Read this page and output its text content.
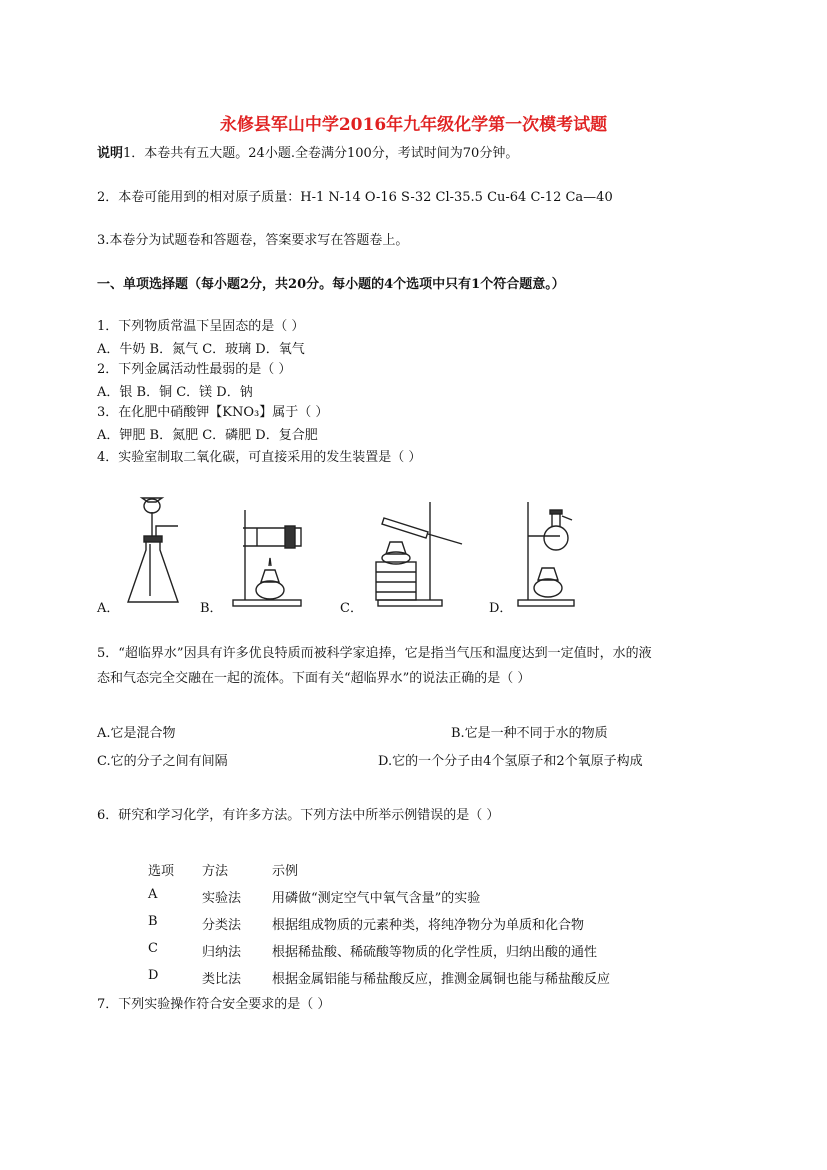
永修县军山中学2016年九年级化学第一次模考试题
说明1．本卷共有五大题。24小题.全卷满分100分，考试时间为70分钟。
2．本卷可能用到的相对原子质量：H-1 N-14 O-16 S-32 Cl-35.5 Cu-64 C-12 Ca—40
3.本卷分为试题卷和答题卷，答案要求写在答题卷上。
一、单项选择题（每小题2分，共20分。每小题的4个选项中只有1个符合题意。）
1．下列物质常温下呈固态的是（ ）
A．牛奶 B．氮气 C．玻璃 D．氧气
2．下列金属活动性最弱的是（ ）
A．银 B．铜 C．镁 D．钠
3．在化肥中硝酸钾【KNO₃】属于（ ）
A．钾肥 B．氮肥 C．磷肥 D．复合肥
4．实验室制取二氧化碳，可直接采用的发生装置是（ ）
A．	B．	C．	D．
5．“超临界水”因具有许多优良特质而被科学家追捧，它是指当气压和温度达到一定值时，水的液
态和气态完全交融在一起的流体。下面有关“超临界水”的说法正确的是（ ）
A.它是混合物	B.它是一种不同于水的物质
C.它的分子之间有间隔	D.它的一个分子由4个氢原子和2个氧原子构成
6．研究和学习化学，有许多方法。下列方法中所举示例错误的是（ ）
选项	方法	示例
A	实验法	用磷做“测定空气中氧气含量”的实验
B	分类法	根据组成物质的元素种类，将纯净物分为单质和化合物
C	归纳法	根据稀盐酸、稀硫酸等物质的化学性质，归纳出酸的通性
D	类比法	根据金属铝能与稀盐酸反应，推测金属铜也能与稀盐酸反应
7．下列实验操作符合安全要求的是（ ）
